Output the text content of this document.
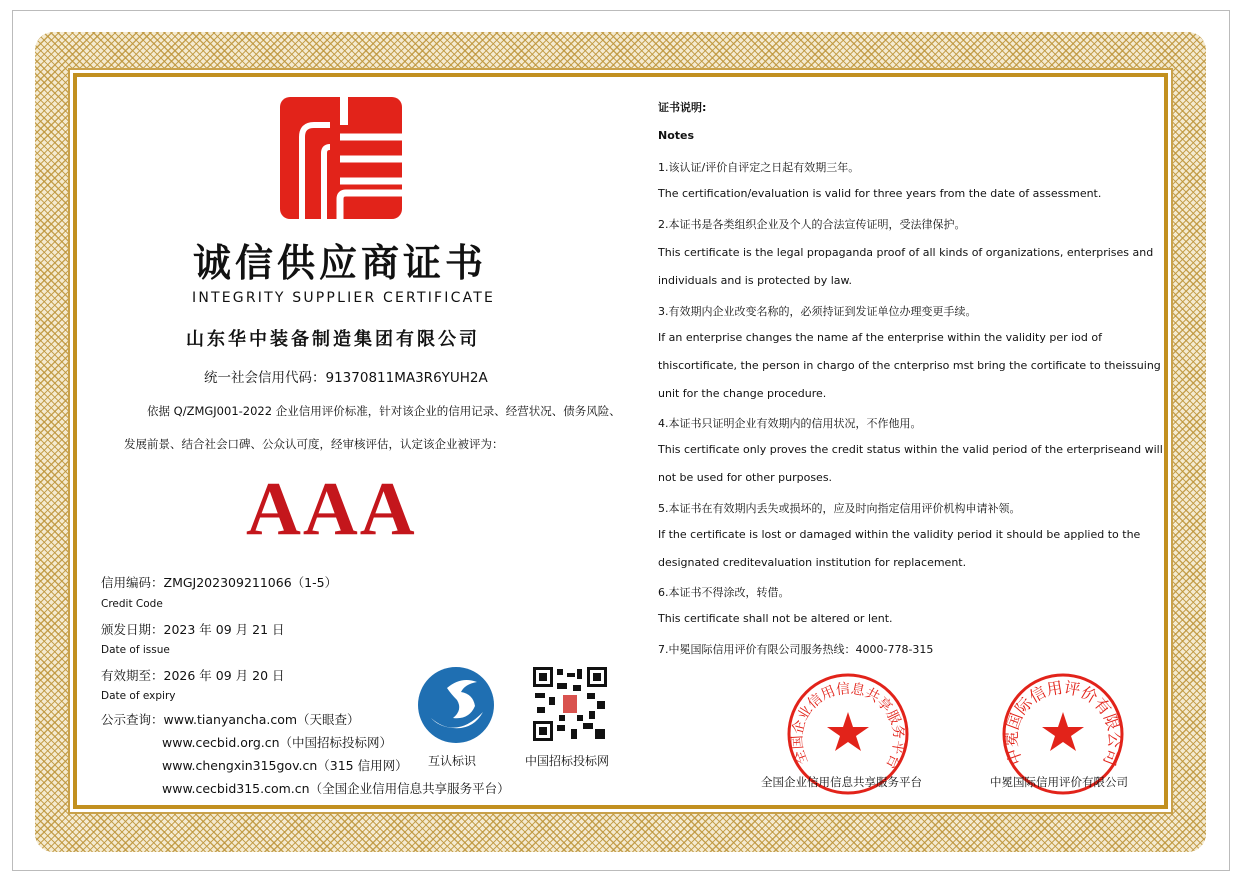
诚信供应商证书
INTEGRITY SUPPLIER CERTIFICATE
山东华中装备制造集团有限公司
统一社会信用代码：91370811MA3R6YUH2A
依据 Q/ZMGJ001-2022 企业信用评价标准，针对该企业的信用记录、经营状况、债务风险、
发展前景、结合社会口碑、公众认可度，经审核评估，认定该企业被评为：
AAA
信用编码：ZMGJ202309211066（1-5）
Credit Code
颁发日期：2023 年 09 月 21 日
Date of issue
有效期至：2026 年 09 月 20 日
Date of expiry
公示查询：www.tianyancha.com（天眼查）
www.cecbid.org.cn（中国招标投标网）
www.chengxin315gov.cn（315 信用网）
www.cecbid315.com.cn（全国企业信用信息共享服务平台）
互认标识	中国招标投标网
证书说明:
Notes
1.该认证/评价自评定之日起有效期三年。
The certification/evaluation is valid for three years from the date of assessment.
2.本证书是各类组织企业及个人的合法宣传证明，受法律保护。
This certificate is the legal propaganda proof of all kinds of organizations, enterprises and
individuals and is protected by law.
3.有效期内企业改变名称的，必须持证到发证单位办理变更手续。
If an enterprise changes the name af the enterprise within the validity per iod of
thiscortificate, the person in chargo of the cnterpriso mst bring the cortificate to theissuing
unit for the change procedure.
4.本证书只证明企业有效期内的信用状况，不作他用。
This certificate only proves the credit status within the valid period of the erterpriseand will
not be used for other purposes.
5.本证书在有效期内丢失或损坏的，应及时向指定信用评价机构申请补领。
If the certificate is lost or damaged within the validity period it should be applied to the
designated creditevaluation institution for replacement.
6.本证书不得涂改，转借。
This certificate shall not be altered or lent.
7.中冕国际信用评价有限公司服务热线：4000-778-315
全国企业信用信息共享服务平台	中冕国际信用评价有限公司
全国企业信用信息共享服务平台	中冕国际信用评价有限公司
